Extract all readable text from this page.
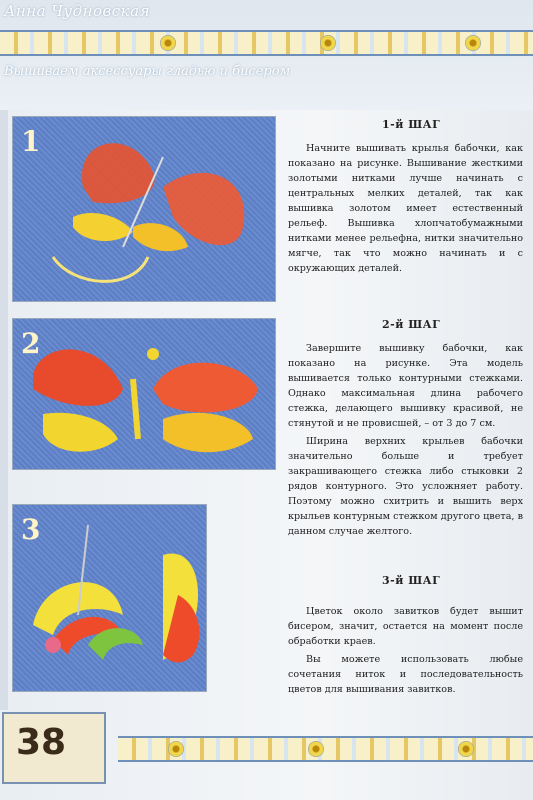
Анна Чудновская
Вышиваем аксессуары гладью и бисером
1
2
3
1-й ШАГ

Начните вышивать крылья бабочки, как показано на рисунке. Вышивание жесткими золотыми нитками лучше начинать с центральных мелких деталей, так как вышивка золотом имеет естественный рельеф. Вышивка хлопчатобумажными нитками менее рельефна, нитки значительно мягче, так что можно начинать и с окружающих деталей.

2-й ШАГ

Завершите вышивку бабочки, как показано на рисунке. Эта модель вышивается только контурными стежками. Однако максимальная длина рабочего стежка, делающего вышивку красивой, не стянутой и не провисшей, – от 3 до 7 см.

Ширина верхних крыльев бабочки значительно больше и требует закрашивающего стежка либо стыковки 2 рядов контурного. Это усложняет работу. Поэтому можно схитрить и вышить верх крыльев контурным стежком другого цвета, в данном случае желтого.

3-й ШАГ

Цветок около завитков будет вышит бисером, значит, остается на момент после обработки краев.

Вы можете использовать любые сочетания ниток и последовательность цветов для вышивания завитков.

38
